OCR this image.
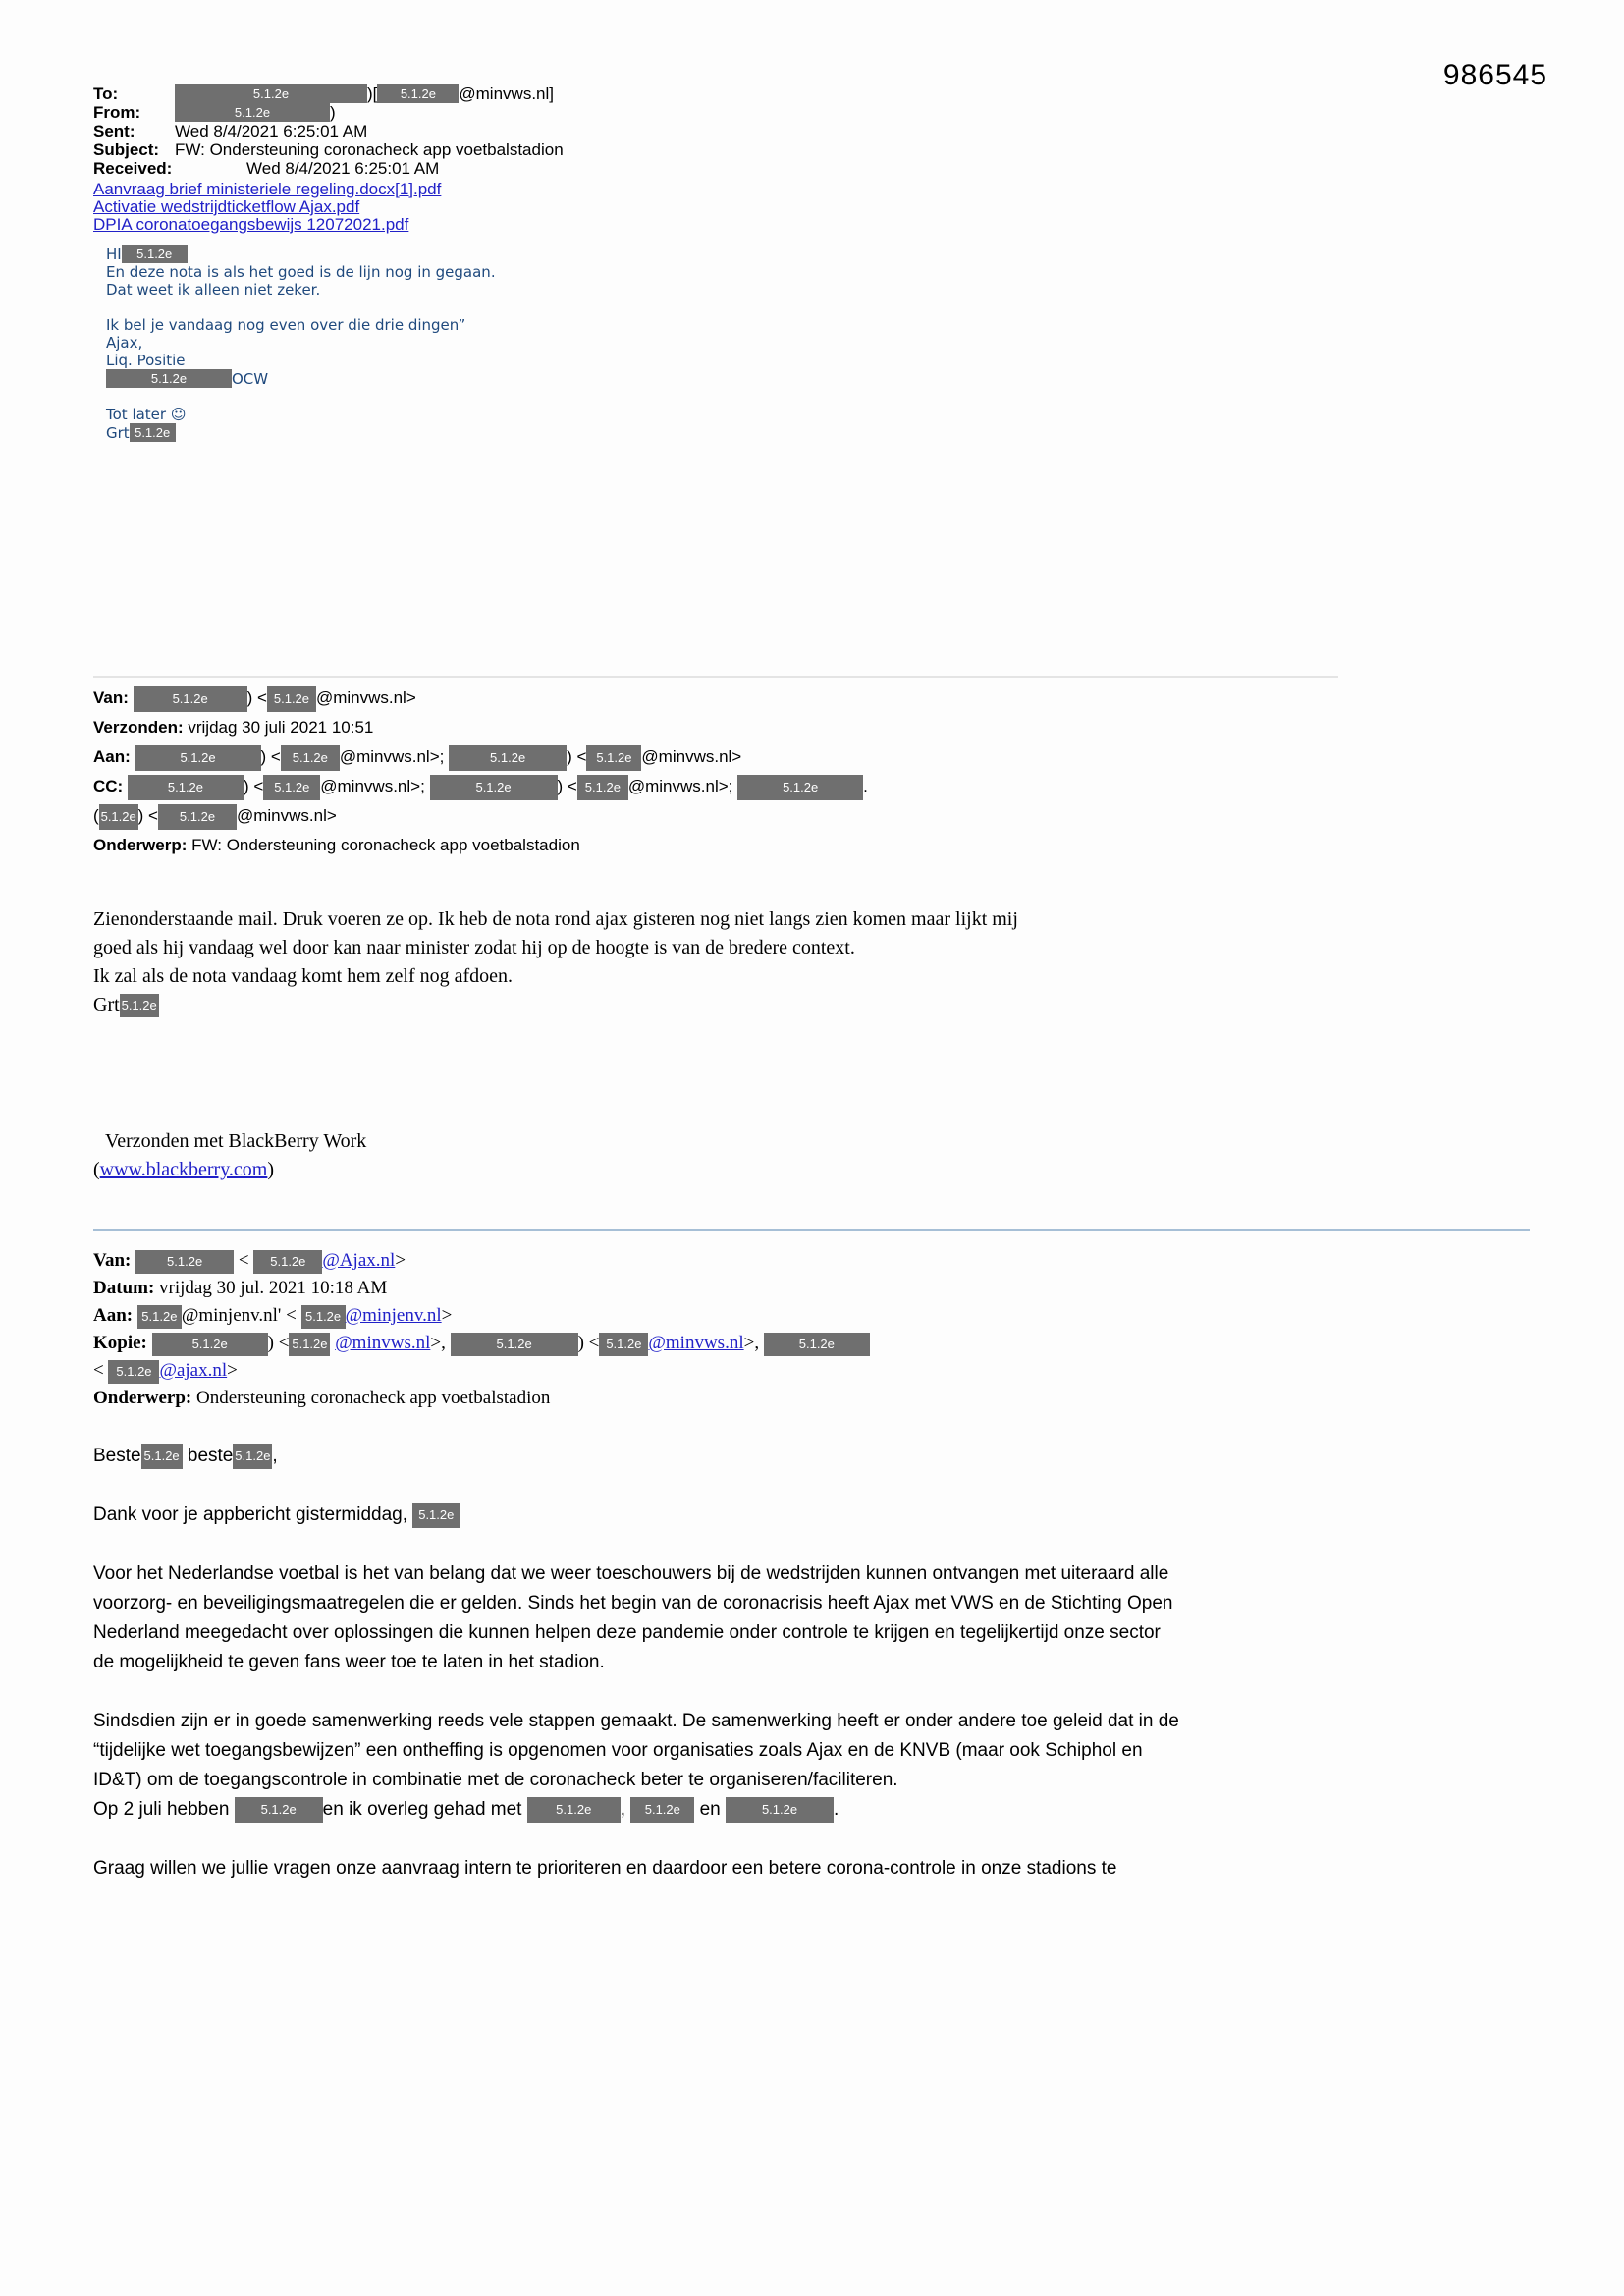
986545
To:	5.1.2e	)[ 5.1.2e @minvws.nl]
From:	5.1.2e	)
Sent: Wed 8/4/2021 6:25:01 AM
Subject: FW: Ondersteuning coronacheck app voetbalstadion
Received:	Wed 8/4/2021 6:25:01 AM
Aanvraag brief ministeriele regeling.docx[1].pdf
Activatie wedstrijdticketflow Ajax.pdf
DPIA coronatoegangsbewijs 12072021.pdf
HI 5.1.2e
En deze nota is als het goed is de lijn nog in gegaan.
Dat weet ik alleen niet zeker.
Ik bel je vandaag nog even over die drie dingen”
Ajax,
Liq. Positie
5.1.2e	OCW
Tot later ☺
Grt 5.1.2e
Van:	5.1.2e ) < 5.1.2e @minvws.nl>
Verzonden: vrijdag 30 juli 2021 10:51
Aan:	5.1.2e	) < 5.1.2e @minvws.nl>;	5.1.2e ) < 5.1.2e @minvws.nl>
CC:	5.1.2e ) < 5.1.2e @minvws.nl>;	5.1.2e	) < 5.1.2e @minvws.nl>;	5.1.2e	.
( 5.1.2e ) < 5.1.2e @minvws.nl>
Onderwerp: FW: Ondersteuning coronacheck app voetbalstadion
Zienonderstaande mail. Druk voeren ze op. Ik heb de nota rond ajax gisteren nog niet langs zien komen maar lijkt mij
goed als hij vandaag wel door kan naar minister zodat hij op de hoogte is van de bredere context.
Ik zal als de nota vandaag komt hem zelf nog afdoen.
Grt 5.1.2e
Verzonden met BlackBerry Work
(www.blackberry.com)
Van:	5.1.2e < 5.1.2e @Ajax.nl>
Datum: vrijdag 30 jul. 2021 10:18 AM
Aan: 5.1.2e @minjenv.nl' < 5.1.2e @minjenv.nl>
Kopie:	5.1.2e ) < 5.1.2e @minvws.nl>,	5.1.2e ) < 5.1.2e @minvws.nl>,	5.1.2e
< 5.1.2e @ajax.nl>
Onderwerp: Ondersteuning coronacheck app voetbalstadion
Beste 5.1.2e beste 5.1.2e ,
Dank voor je appbericht gistermiddag, 5.1.2e
Voor het Nederlandse voetbal is het van belang dat we weer toeschouwers bij de wedstrijden kunnen ontvangen met uiteraard alle
voorzorg- en beveiligingsmaatregelen die er gelden. Sinds het begin van de coronacrisis heeft Ajax met VWS en de Stichting Open
Nederland meegedacht over oplossingen die kunnen helpen deze pandemie onder controle te krijgen en tegelijkertijd onze sector
de mogelijkheid te geven fans weer toe te laten in het stadion.
Sindsdien zijn er in goede samenwerking reeds vele stappen gemaakt. De samenwerking heeft er onder andere toe geleid dat in de
“tijdelijke wet toegangsbewijzen” een ontheffing is opgenomen voor organisaties zoals Ajax en de KNVB (maar ook Schiphol en
ID&T) om de toegangscontrole in combinatie met de coronacheck beter te organiseren/faciliteren.
Op 2 juli hebben 5.1.2e en ik overleg gehad met	5.1.2e , 5.1.2e en	5.1.2e .
Graag willen we jullie vragen onze aanvraag intern te prioriteren en daardoor een betere corona-controle in onze stadions te
